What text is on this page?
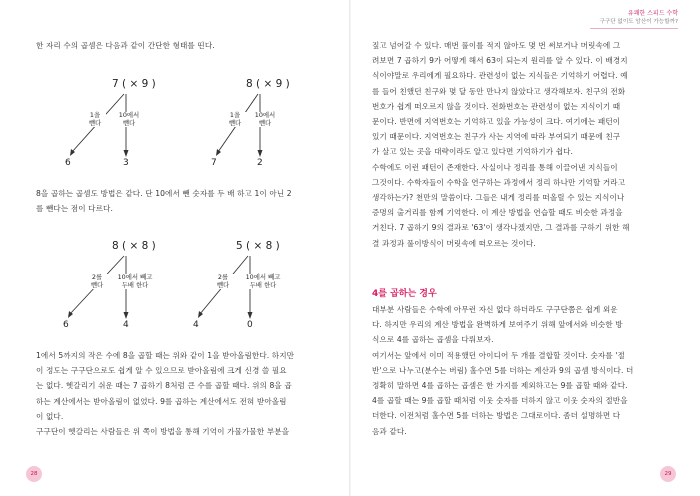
한 자리 수의 곱셈은 다음과 같이 간단한 형태를 띤다.
7 ( × 9 )
1을
뺀다
10에서
뺀다
6	3
8 ( × 9 )
1을
뺀다
10에서
뺀다
7	2
8을 곱하는 곱셈도 방법은 같다. 단 10에서 뺀 숫자를 두 배 하고 1이 아닌 2
를 뺀다는 점이 다르다.
8 ( × 8 )
2를
뺀다
10에서 빼고
두배 한다
6	4
5 ( × 8 )
2를
뺀다
10에서 빼고
두배 한다
4	0
1에서 5까지의 작은 수에 8을 곱할 때는 위와 같이 1을 받아올림한다. 하지만
이 정도는 구구단으로도 쉽게 알 수 있으므로 받아올림에 크게 신경 쓸 필요
는 없다. 헷갈리기 쉬운 때는 7 곱하기 8처럼 큰 수를 곱할 때다. 위의 8을 곱
하는 계산에서는 받아올림이 없었다. 9를 곱하는 계산에서도 전혀 받아올림
이 없다.
구구단이 헷갈리는 사람들은 위 쪽이 방법을 통해 기억이 가물가물한 부분을
28
유쾌한 스피드 수학
구구단 없이도 암산이 가능할까?
짚고 넘어갈 수 있다. 매번 풀이를 적지 않아도 몇 번 써보거나 머릿속에 그
려보면 7 곱하기 9가 어떻게 해서 63이 되는지 원리를 알 수 있다. 이 배경지
식이야말로 우리에게 필요하다. 관련성이 없는 지식들은 기억하기 어렵다. 예
를 들어 친했던 친구와 몇 달 동안 만나지 않았다고 생각해보자. 친구의 전화
번호가 쉽게 떠오르지 않을 것이다. 전화번호는 관련성이 없는 지식이기 때
문이다. 반면에 지역번호는 기억하고 있을 가능성이 크다. 여기에는 패턴이
있기 때문이다. 지역번호는 친구가 사는 지역에 따라 부여되기 때문에 친구
가 살고 있는 곳을 대략이라도 알고 있다면 기억하기가 쉽다.
수학에도 이런 패턴이 존재한다. 사실이나 정리를 통해 이끌어낸 지식들이
그것이다. 수학자들이 수학을 연구하는 과정에서 정리 하나만 기억할 거라고
생각하는가? 천만의 말씀이다. 그들은 내게 정리를 떠올릴 수 있는 지식이나
증명의 출거리를 함께 기억한다. 이 계산 방법을 연습할 때도 비슷한 과정을
거친다. 7 곱하기 9의 결과로 '63'이 생각나겠지만, 그 결과를 구하기 위한 해
결 과정과 풀이방식이 머릿속에 떠오르는 것이다.
4를 곱하는 경우
대부분 사람들은 수학에 아무런 자신 없다 하더라도 구구단쯤은 쉽게 외운
다. 하지만 우리의 계산 방법을 완벽하게 보여주기 위해 앞에서와 비슷한 방
식으로 4를 곱하는 곱셈을 다뤄보자.
여기서는 앞에서 이미 적용했던 아이디어 두 개를 결합할 것이다. 숫자를 '절
반'으로 나누고(분수는 버림) 홀수면 5를 더하는 계산과 9의 곱셈 방식이다. 더
정확히 말하면 4를 곱하는 곱셈은 한 가지를 제외하고는 9를 곱할 때와 같다.
4를 곱할 때는 9를 곱할 때처럼 이웃 숫자를 더하지 않고 이웃 숫자의 절반을
더한다. 이전처럼 홀수면 5를 더하는 방법은 그대로이다. 좀더 설명하면 다
음과 같다.
29
